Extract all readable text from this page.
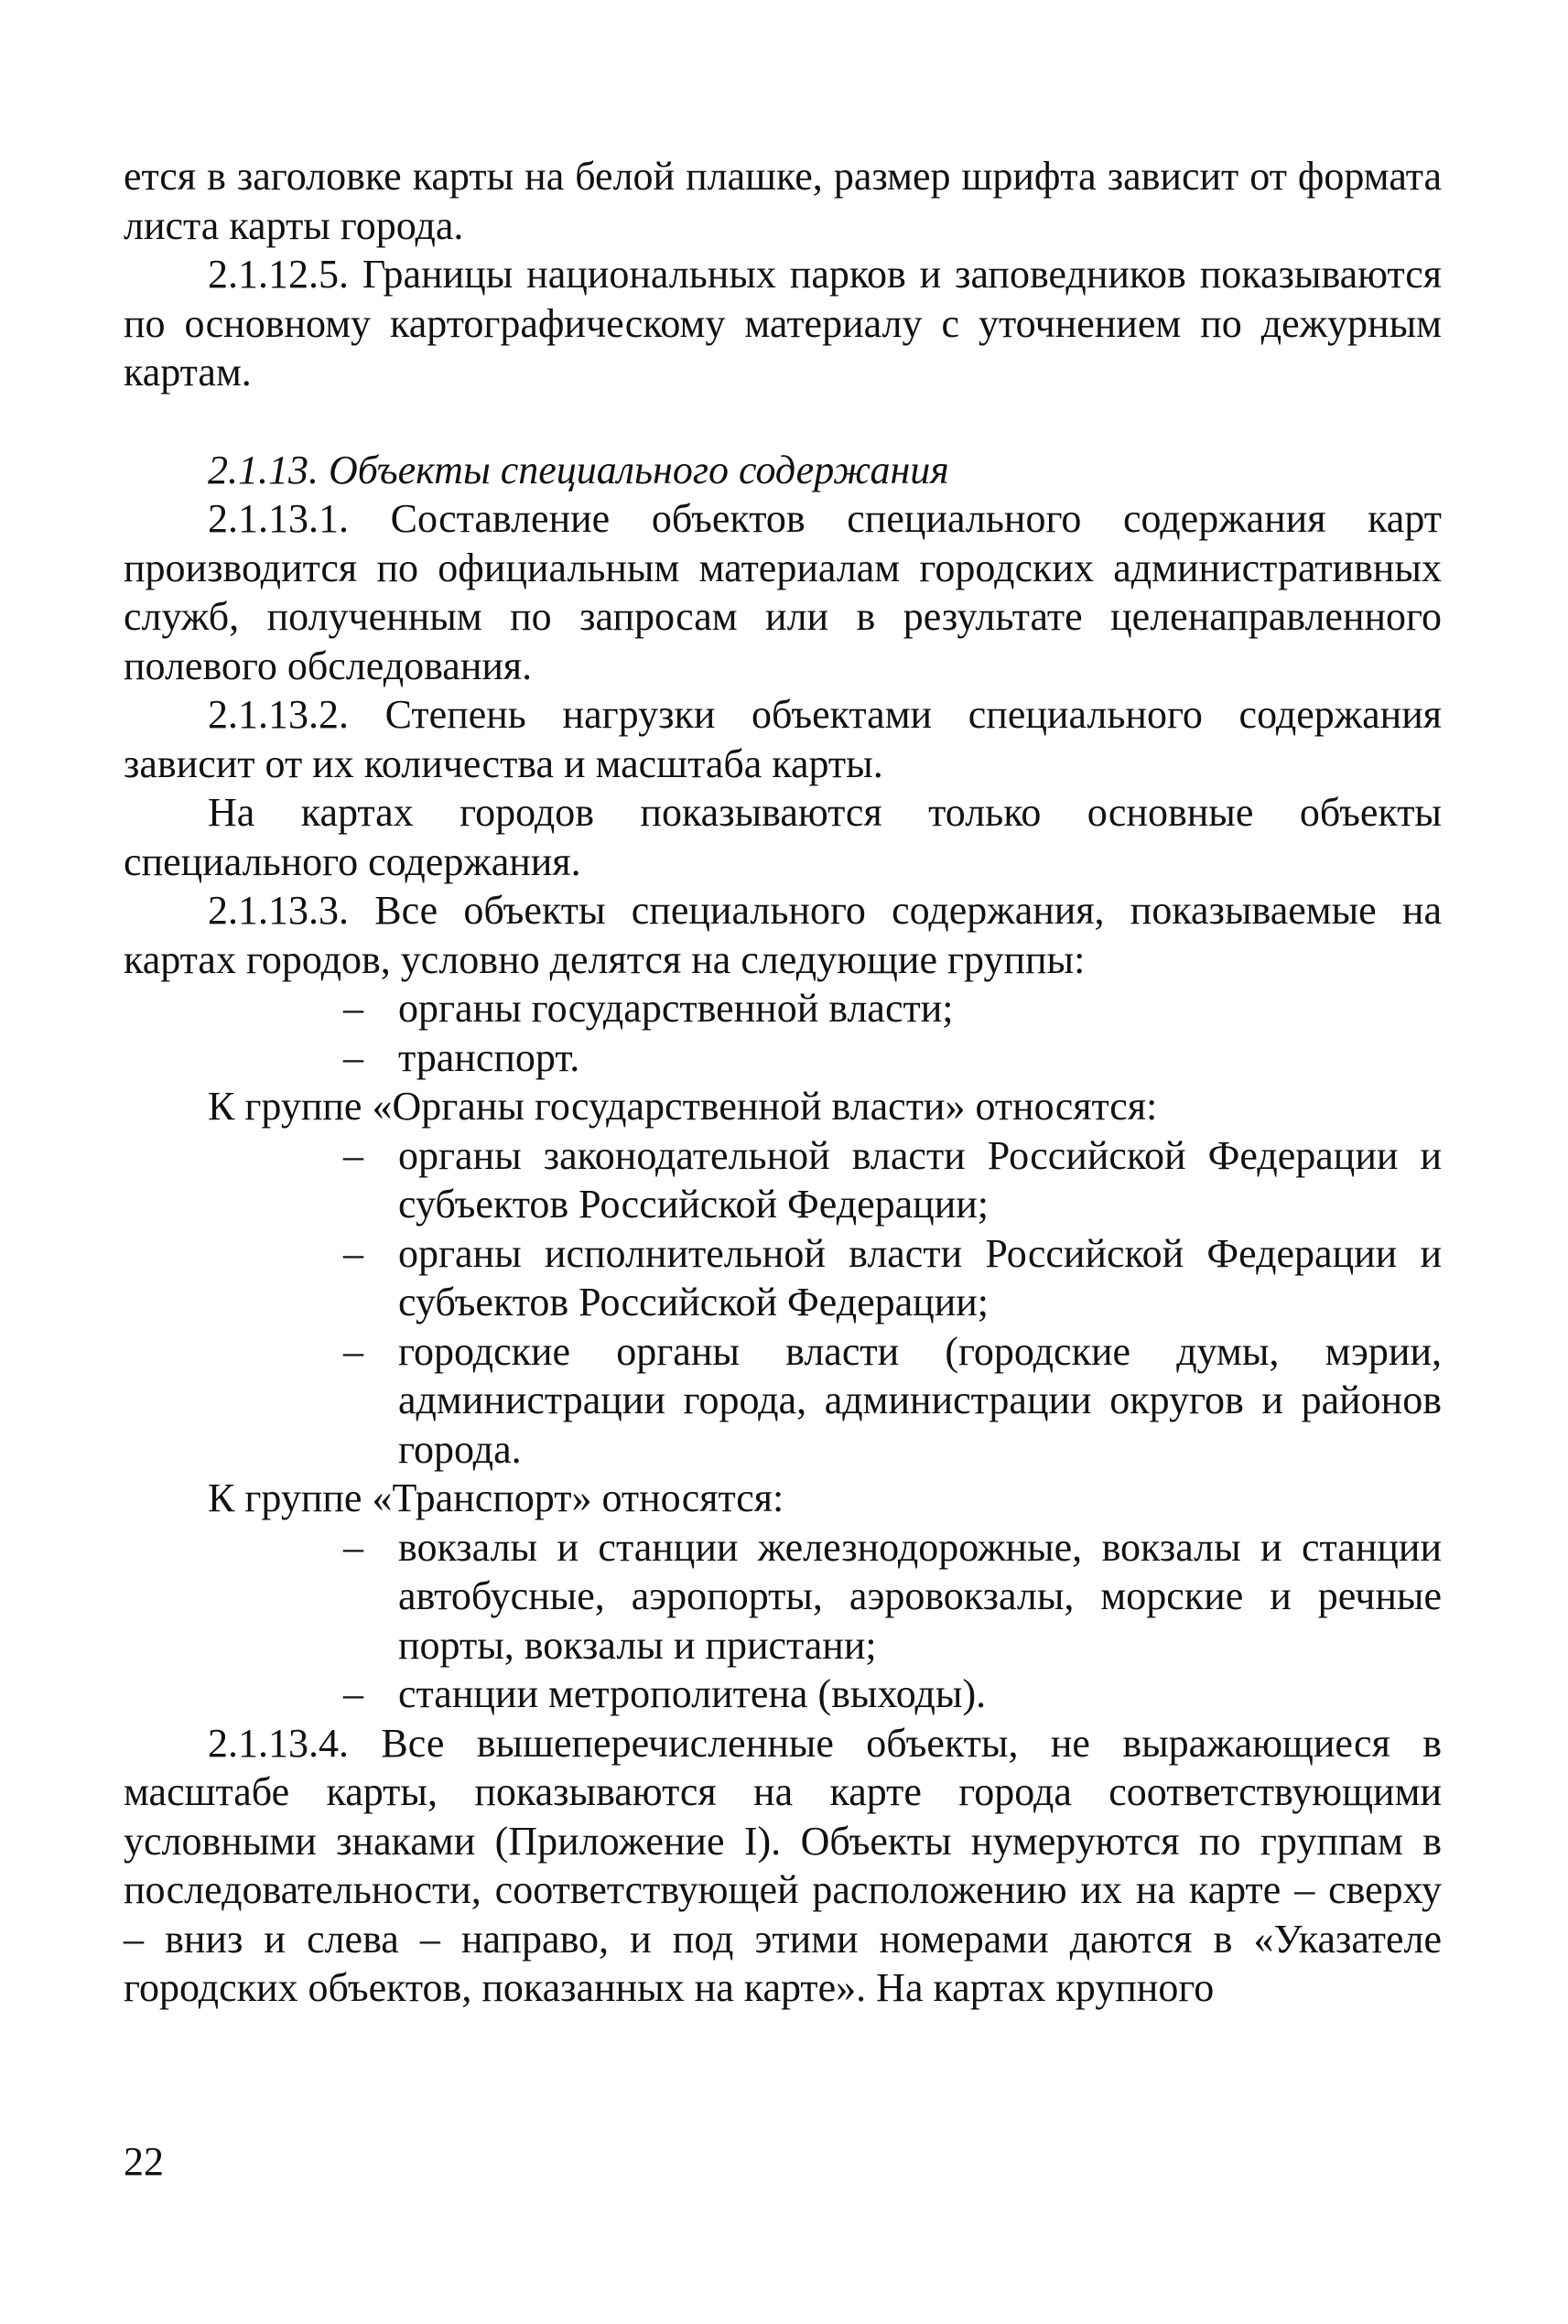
ется в заголовке карты на белой плашке, размер шрифта зависит от формата листа карты города.

2.1.12.5. Границы национальных парков и заповедников показываются по основному картографическому материалу с уточнением по дежурным картам.

2.1.13. Объекты специального содержания

2.1.13.1. Составление объектов специального содержания карт производится по официальным материалам городских административных служб, полученным по запросам или в результате целенаправленного полевого обследования.

2.1.13.2. Степень нагрузки объектами специального содержания зависит от их количества и масштаба карты.

На картах городов показываются только основные объекты специального содержания.

2.1.13.3. Все объекты специального содержания, показываемые на картах городов, условно делятся на следующие группы:

– органы государственной власти;
– транспорт.

К группе «Органы государственной власти» относятся:

– органы законодательной власти Российской Федерации и субъектов Российской Федерации;
– органы исполнительной власти Российской Федерации и субъектов Российской Федерации;
– городские органы власти (городские думы, мэрии, администрации города, администрации округов и районов города.

К группе «Транспорт» относятся:

– вокзалы и станции железнодорожные, вокзалы и станции автобусные, аэропорты, аэровокзалы, морские и речные порты, вокзалы и пристани;
– станции метрополитена (выходы).

2.1.13.4. Все вышеперечисленные объекты, не выражающиеся в масштабе карты, показываются на карте города соответствующими условными знаками (Приложение I). Объекты нумеруются по группам в последовательности, соответствующей расположению их на карте – сверху – вниз и слева – направо, и под этими номерами даются в «Указателе городских объектов, показанных на карте». На картах крупного

22
